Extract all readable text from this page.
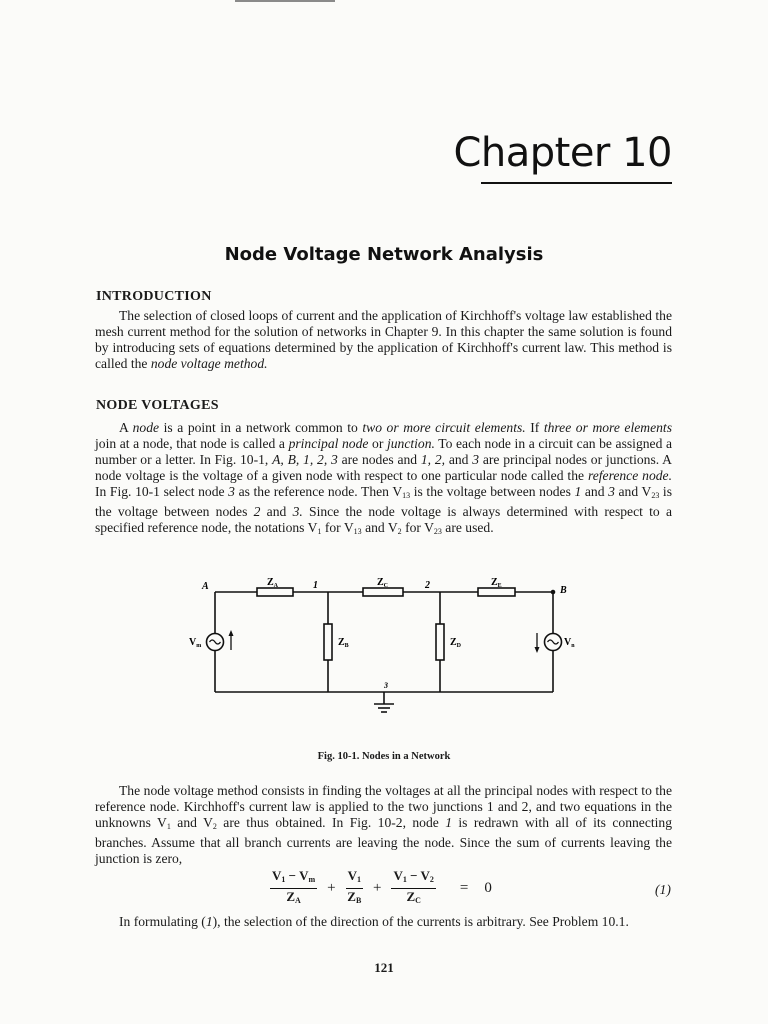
Chapter 10
Node Voltage Network Analysis
INTRODUCTION

The selection of closed loops of current and the application of Kirchhoff's voltage law established the mesh current method for the solution of networks in Chapter 9. In this chapter the same solution is found by introducing sets of equations determined by the application of Kirchhoff's current law. This method is called the node voltage method.

NODE VOLTAGES

A node is a point in a network common to two or more circuit elements. If three or more elements join at a node, that node is called a principal node or junction. To each node in a circuit can be assigned a number or a letter. In Fig. 10-1, A, B, 1, 2, 3 are nodes and 1, 2, and 3 are principal nodes or junctions. A node voltage is the voltage of a given node with respect to one particular node called the reference node. In Fig. 10-1 select node 3 as the reference node. Then $V_{13}$ is the voltage between nodes 1 and 3 and $V_{23}$ is the voltage between nodes 2 and 3. Since the node voltage is always determined with respect to a specified reference node, the notations $V_1$ for $V_{13}$ and $V_2$ for $V_{23}$ are used.

A	B
1	2
3
$Z_A$	$Z_C$	$Z_E$
$Z_B$	$Z_D$
$V_m$	$V_n$
Fig. 10-1. Nodes in a Network

The node voltage method consists in finding the voltages at all the principal nodes with respect to the reference node. Kirchhoff's current law is applied to the two junctions 1 and 2, and two equations in the unknowns $V_1$ and $V_2$ are thus obtained. In Fig. 10-2, node 1 is redrawn with all of its connecting branches. Assume that all branch currents are leaving the node. Since the sum of currents leaving the junction is zero,

$\frac{V_1 - V_m}{Z_A} + \frac{V_1}{Z_B} + \frac{V_1 - V_2}{Z_C} = 0$	(1)

In formulating (1), the selection of the direction of the currents is arbitrary. See Problem 10.1.

121
